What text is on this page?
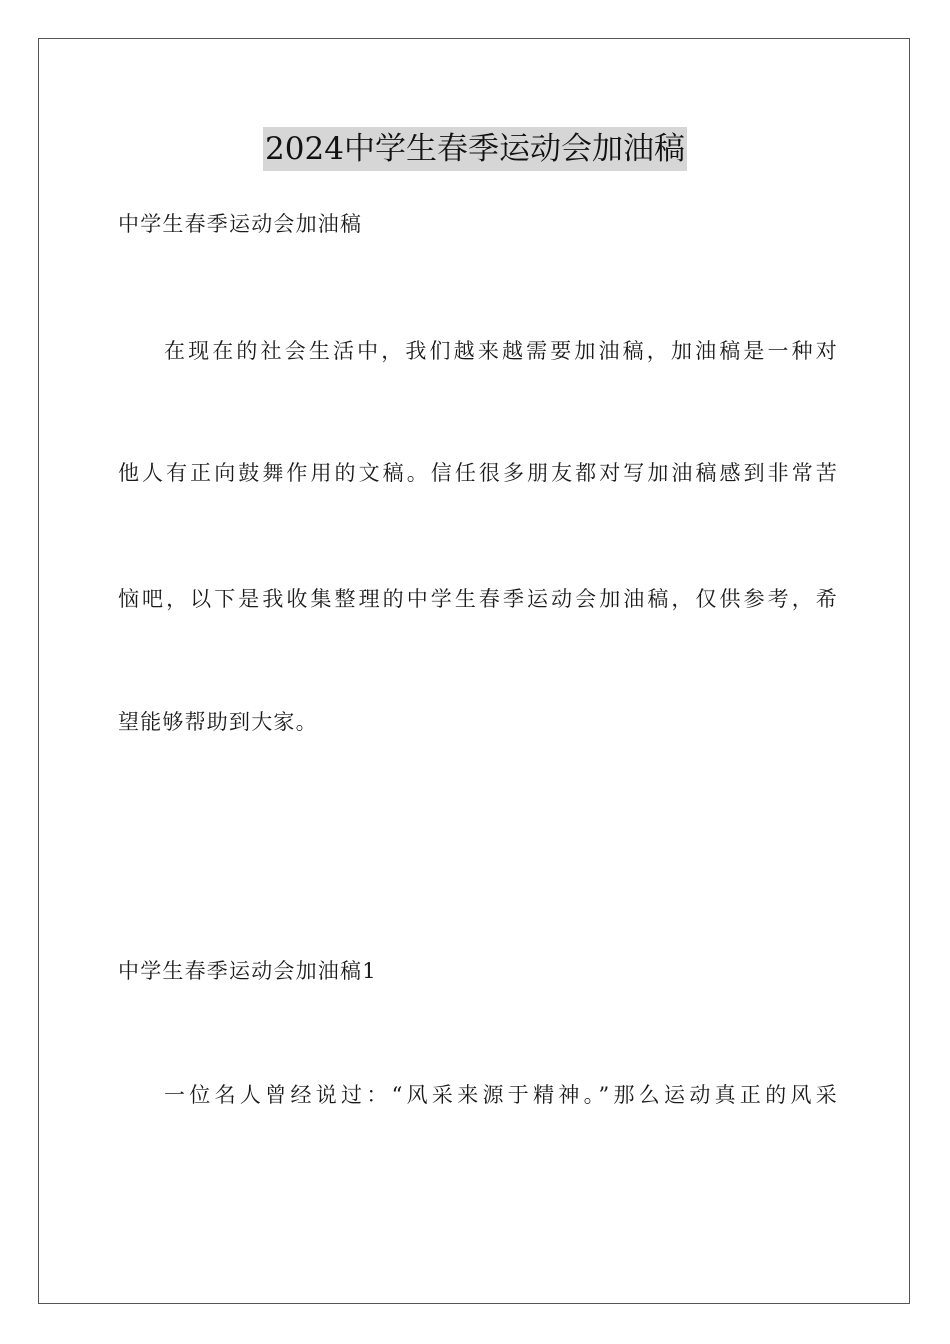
2024中学生春季运动会加油稿
中学生春季运动会加油稿
在现在的社会生活中，我们越来越需要加油稿，加油稿是一种对
他人有正向鼓舞作用的文稿。信任很多朋友都对写加油稿感到非常苦
恼吧，以下是我收集整理的中学生春季运动会加油稿，仅供参考，希
望能够帮助到大家。
中学生春季运动会加油稿1
一位名人曾经说过：“风采来源于精神。”那么运动真正的风采
